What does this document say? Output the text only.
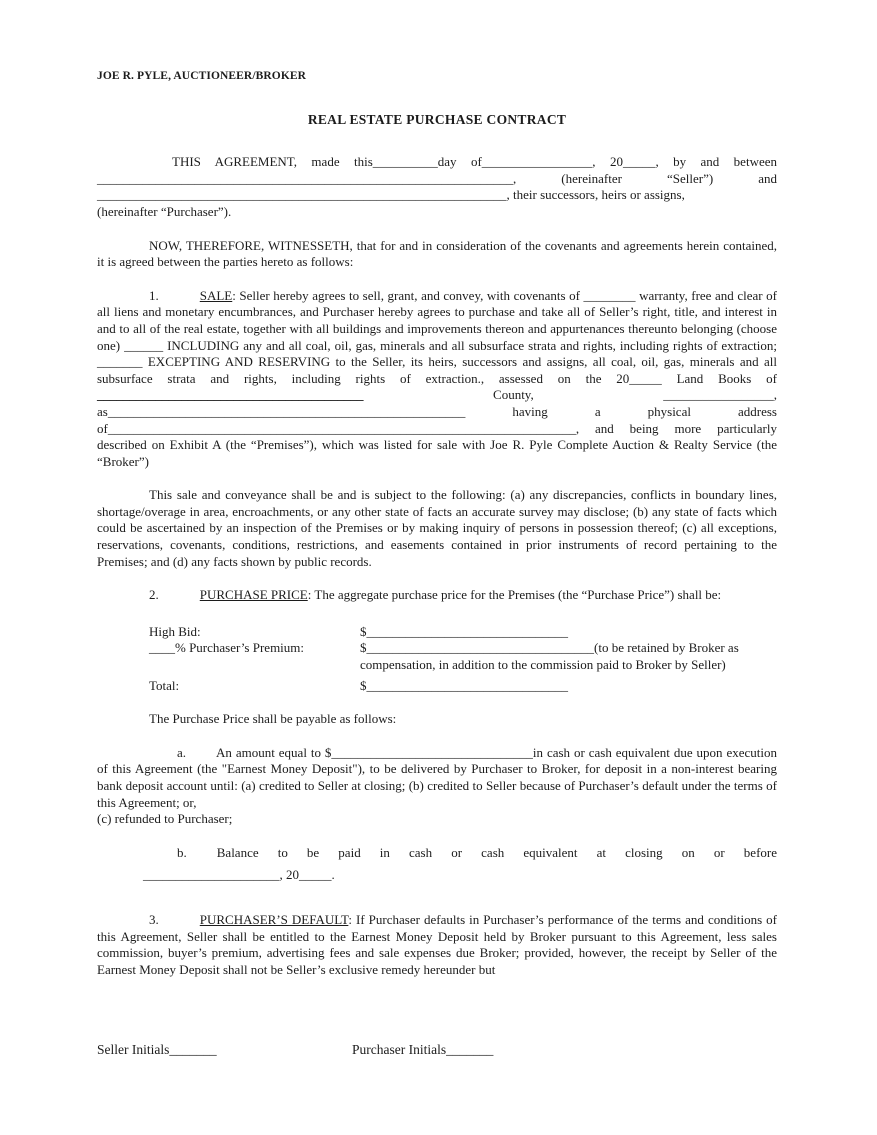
JOE R. PYLE, AUCTIONEER/BROKER
REAL ESTATE PURCHASE CONTRACT

THIS AGREEMENT, made this__________day of_________________, 20_____, by and between ________________________________________________________________, (hereinafter “Seller”) and _______________________________________________________________, their successors, heirs or assigns,
(hereinafter “Purchaser”).

NOW, THEREFORE, WITNESSETH, that for and in consideration of the covenants and agreements herein contained, it is agreed between the parties hereto as follows:

1.	SALE: Seller hereby agrees to sell, grant, and convey, with covenants of ________ warranty, free and clear of all liens and monetary encumbrances, and Purchaser hereby agrees to purchase and take all of Seller’s right, title, and interest in and to all of the real estate, together with all buildings and improvements thereon and appurtenances thereunto belonging (choose one) ______ INCLUDING any and all coal, oil, gas, minerals and all subsurface strata and rights, including rights of extraction; _______ EXCEPTING AND RESERVING to the Seller, its heirs, successors and assigns, all coal, oil, gas, minerals and all subsurface strata and rights, including rights of extraction., assessed on the 20_____ Land Books of _________________________________________ County, _________________, as_______________________________________________________ having a physical address of________________________________________________________________________, and being more particularly described on Exhibit A (the “Premises”), which was listed for sale with Joe R. Pyle Complete Auction & Realty Service (the “Broker”)

This sale and conveyance shall be and is subject to the following: (a) any discrepancies, conflicts in boundary lines, shortage/overage in area, encroachments, or any other state of facts an accurate survey may disclose; (b) any state of facts which could be ascertained by an inspection of the Premises or by making inquiry of persons in possession thereof; (c) all exceptions, reservations, covenants, conditions, restrictions, and easements contained in prior instruments of record pertaining to the Premises; and (d) any facts shown by public records.

2.	PURCHASE PRICE: The aggregate purchase price for the Premises (the “Purchase Price”) shall be:

High Bid:	$_______________________________
____% Purchaser’s Premium:	$___________________________________(to be retained by Broker as compensation, in addition to the commission paid to Broker by Seller)
Total:	$_______________________________

The Purchase Price shall be payable as follows:

a. An amount equal to $_______________________________in cash or cash equivalent due upon execution of this Agreement (the "Earnest Money Deposit"), to be delivered by Purchaser to Broker, for deposit in a non-interest bearing bank deposit account until: (a) credited to Seller at closing; (b) credited to Seller because of Purchaser’s default under the terms of this Agreement; or,
(c) refunded to Purchaser;

b. Balance to be paid in cash or cash equivalent at closing on or before

_____________________, 20_____.

3.	PURCHASER’S DEFAULT: If Purchaser defaults in Purchaser’s performance of the terms and conditions of this Agreement, Seller shall be entitled to the Earnest Money Deposit held by Broker pursuant to this Agreement, less sales commission, buyer’s premium, advertising fees and sale expenses due Broker; provided, however, the receipt by Seller of the Earnest Money Deposit shall not be Seller’s exclusive remedy hereunder but

Seller Initials_______	Purchaser Initials_______
